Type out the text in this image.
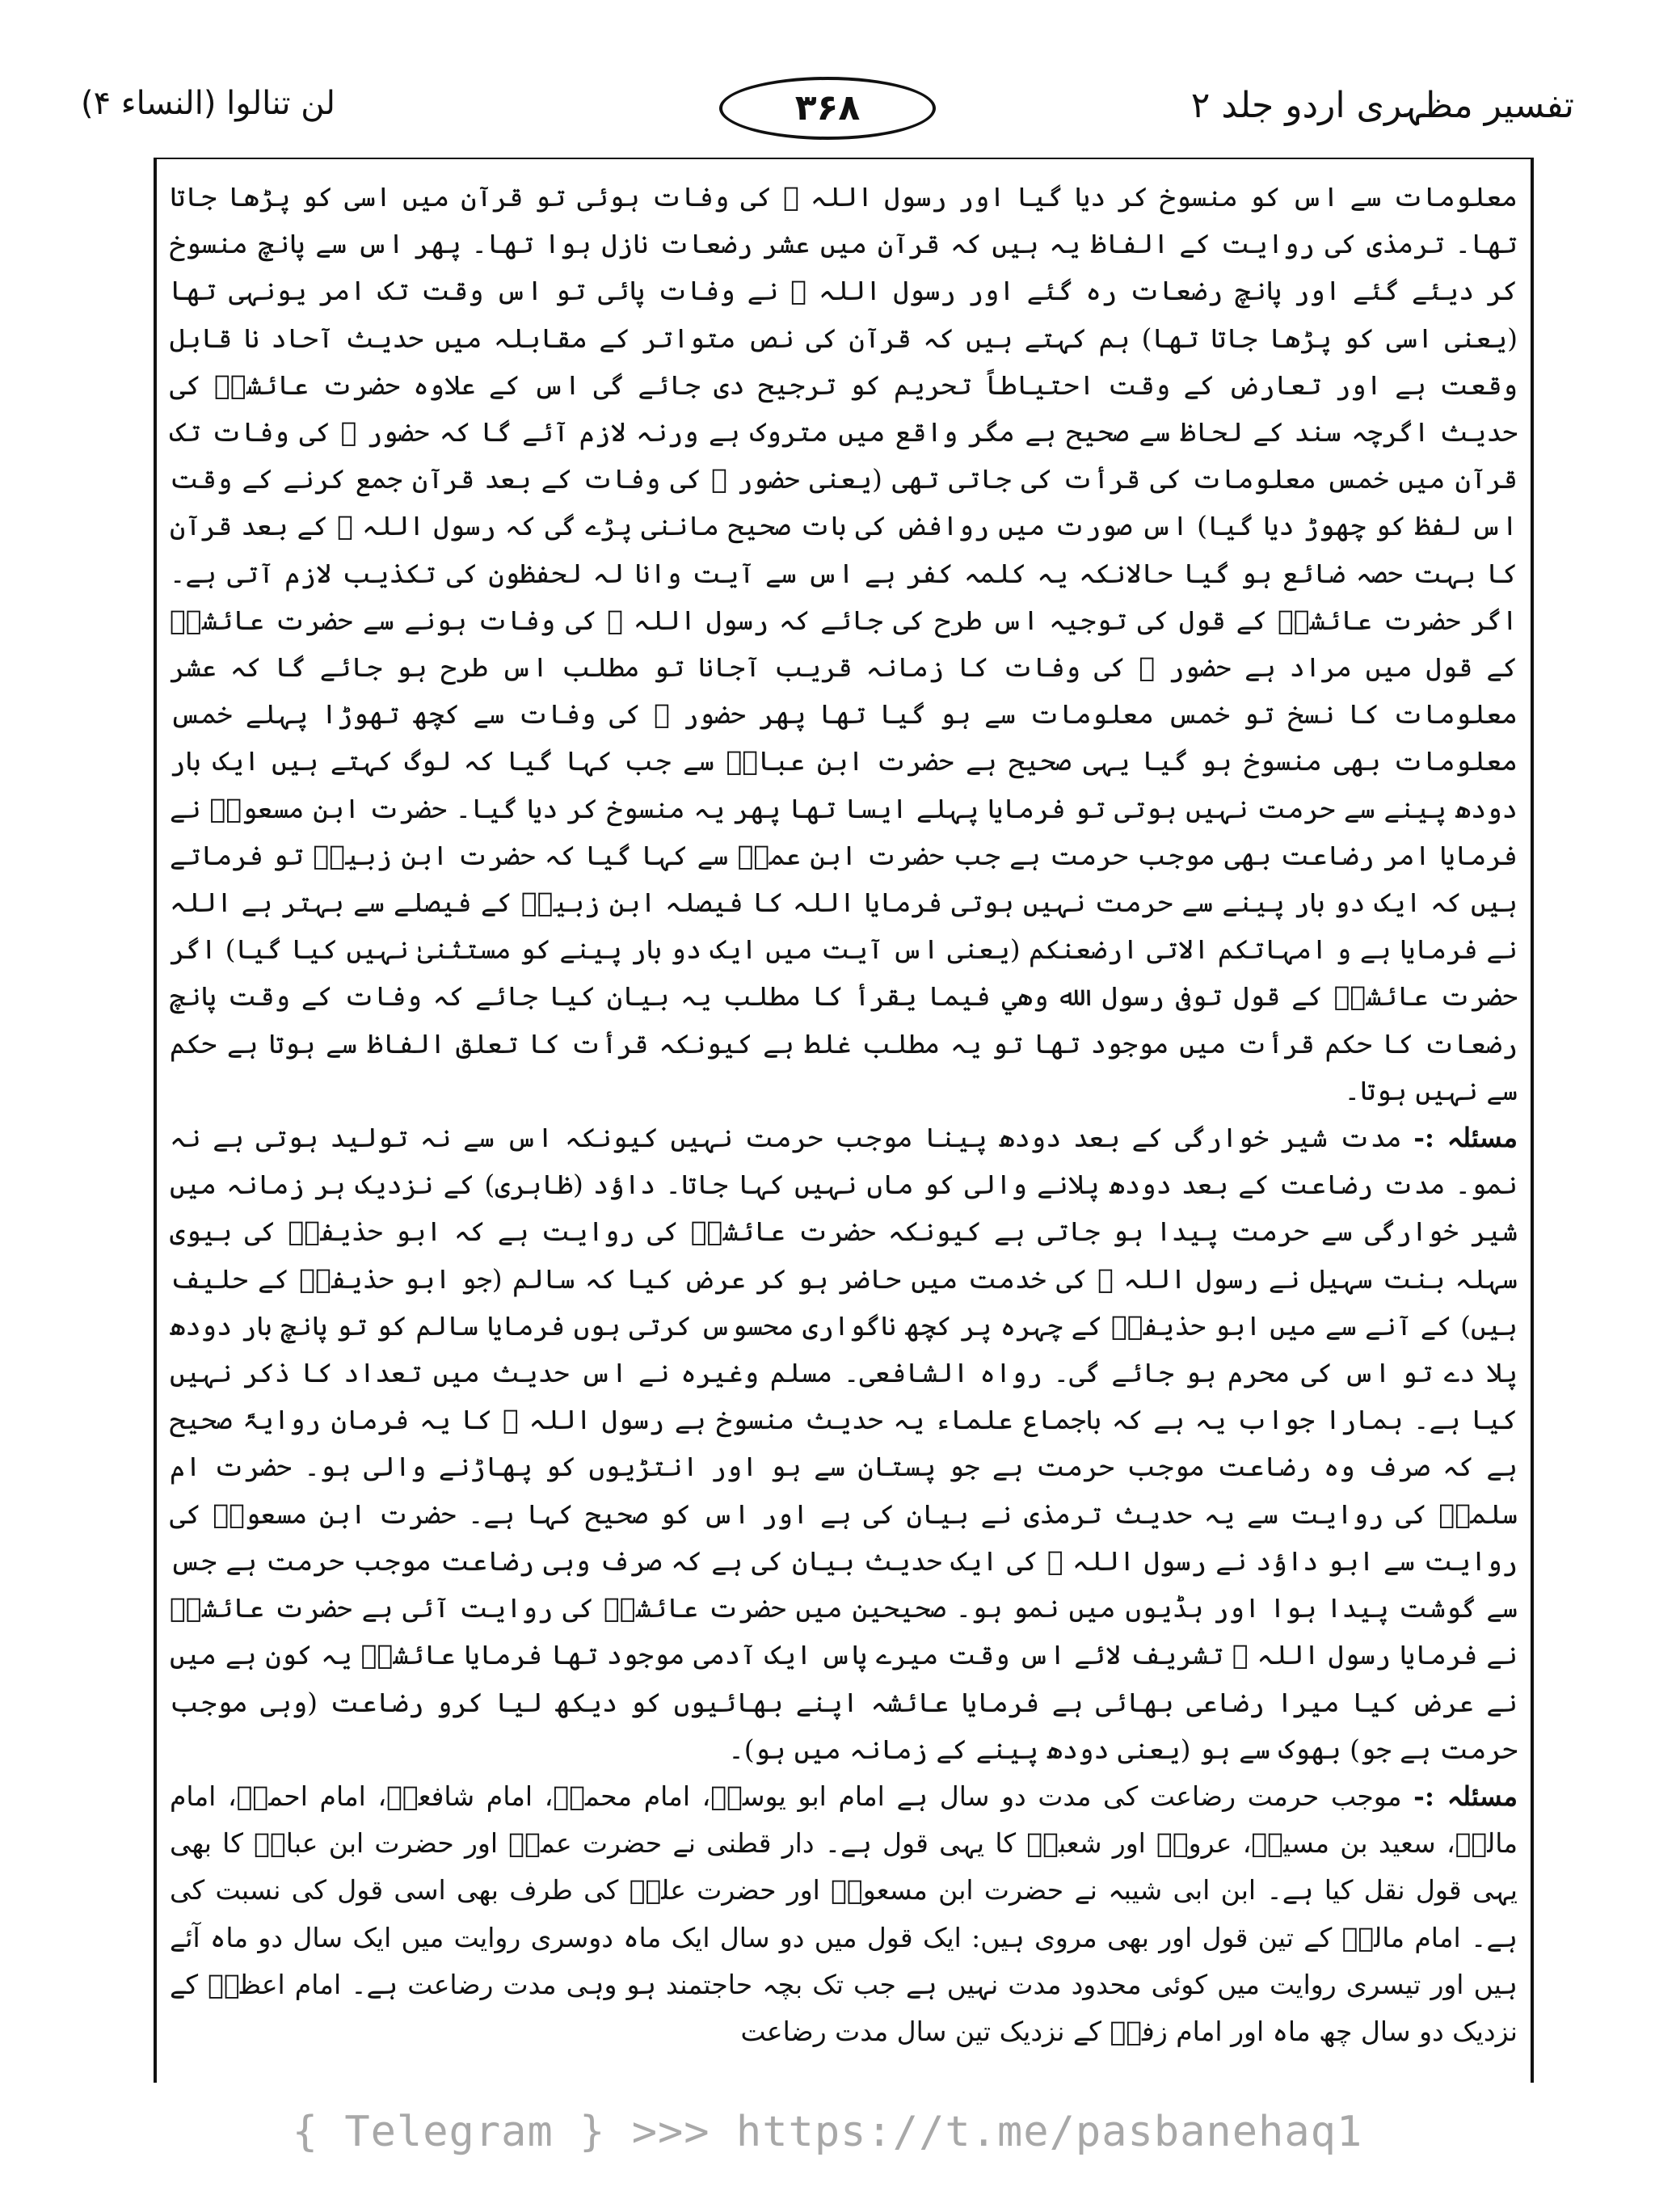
تفسیر مظہری اردو جلد ۲
۳۶۸
لن تنالوا (النساء ۴)

معلومات سے اس کو منسوخ کر دیا گیا اور رسول اللہ ﷺ کی وفات ہوئی تو قرآن میں اسی کو پڑھا جاتا تھا۔ ترمذی کی روایت کے الفاظ یہ ہیں کہ قرآن میں عشر رضعات نازل ہوا تھا۔ پھر اس سے پانچ منسوخ کر دیئے گئے اور پانچ رضعات رہ گئے اور رسول اللہ ﷺ نے وفات پائی تو اس وقت تک امر یونہی تھا (یعنی اسی کو پڑھا جاتا تھا) ہم کہتے ہیں کہ قرآن کی نص متواتر کے مقابلہ میں حدیث آحاد نا قابل وقعت ہے اور تعارض کے وقت احتیاطاً تحریم کو ترجیح دی جائے گی اس کے علاوہ حضرت عائشہؓ کی حدیث اگرچہ سند کے لحاظ سے صحیح ہے مگر واقع میں متروک ہے ورنہ لازم آئے گا کہ حضور ﷺ کی وفات تک قرآن میں خمس معلومات کی قرأت کی جاتی تھی (یعنی حضور ﷺ کی وفات کے بعد قرآن جمع کرنے کے وقت اس لفظ کو چھوڑ دیا گیا) اس صورت میں روافض کی بات صحیح ماننی پڑے گی کہ رسول اللہ ﷺ کے بعد قرآن کا بہت حصہ ضائع ہو گیا حالانکہ یہ کلمہ کفر ہے اس سے آیت وانا لہ لحفظون کی تکذیب لازم آتی ہے۔ اگر حضرت عائشہؓ کے قول کی توجیہ اس طرح کی جائے کہ رسول اللہ ﷺ کی وفات ہونے سے حضرت عائشہؓ کے قول میں مراد ہے حضور ﷺ کی وفات کا زمانہ قریب آجانا تو مطلب اس طرح ہو جائے گا کہ عشر معلومات کا نسخ تو خمس معلومات سے ہو گیا تھا پھر حضور ﷺ کی وفات سے کچھ تھوڑا پہلے خمس معلومات بھی منسوخ ہو گیا یہی صحیح ہے حضرت ابن عباسؓ سے جب کہا گیا کہ لوگ کہتے ہیں ایک بار دودھ پینے سے حرمت نہیں ہوتی تو فرمایا پہلے ایسا تھا پھر یہ منسوخ کر دیا گیا۔ حضرت ابن مسعودؓ نے فرمایا امر رضاعت بھی موجب حرمت ہے جب حضرت ابن عمرؓ سے کہا گیا کہ حضرت ابن زبیرؓ تو فرماتے ہیں کہ ایک دو بار پینے سے حرمت نہیں ہوتی فرمایا اللہ کا فیصلہ ابن زبیرؓ کے فیصلے سے بہتر ہے اللہ نے فرمایا ہے و امہاتکم الاتی ارضعنکم (یعنی اس آیت میں ایک دو بار پینے کو مستثنیٰ نہیں کیا گیا) اگر حضرت عائشہؓ کے قول توفی رسول الله وهي فيما يقرأ کا مطلب یہ بیان کیا جائے کہ وفات کے وقت پانچ رضعات کا حکم قرأت میں موجود تھا تو یہ مطلب غلط ہے کیونکہ قرأت کا تعلق الفاظ سے ہوتا ہے حکم سے نہیں ہوتا۔

مسئلہ :- مدت شیر خوارگی کے بعد دودھ پینا موجب حرمت نہیں کیونکہ اس سے نہ تولید ہوتی ہے نہ نمو۔ مدت رضاعت کے بعد دودھ پلانے والی کو ماں نہیں کہا جاتا۔ داؤد (ظاہری) کے نزدیک ہر زمانہ میں شیر خوارگی سے حرمت پیدا ہو جاتی ہے کیونکہ حضرت عائشہؓ کی روایت ہے کہ ابو حذیفہؓ کی بیوی سہلہ بنت سہیل نے رسول اللہ ﷺ کی خدمت میں حاضر ہو کر عرض کیا کہ سالم (جو ابو حذیفہؓ کے حلیف ہیں) کے آنے سے میں ابو حذیفہؓ کے چہرہ پر کچھ ناگواری محسوس کرتی ہوں فرمایا سالم کو تو پانچ بار دودھ پلا دے تو اس کی محرم ہو جائے گی۔ رواہ الشافعی۔ مسلم وغیرہ نے اس حدیث میں تعداد کا ذکر نہیں کیا ہے۔ ہمارا جواب یہ ہے کہ باجماع علماء یہ حدیث منسوخ ہے رسول اللہ ﷺ کا یہ فرمان روایۃً صحیح ہے کہ صرف وہ رضاعت موجب حرمت ہے جو پستان سے ہو اور انتڑیوں کو پھاڑنے والی ہو۔ حضرت ام سلمہؓ کی روایت سے یہ حدیث ترمذی نے بیان کی ہے اور اس کو صحیح کہا ہے۔ حضرت ابن مسعودؓ کی روایت سے ابو داؤد نے رسول اللہ ﷺ کی ایک حدیث بیان کی ہے کہ صرف وہی رضاعت موجب حرمت ہے جس سے گوشت پیدا ہوا اور ہڈیوں میں نمو ہو۔ صحیحین میں حضرت عائشہؓ کی روایت آئی ہے حضرت عائشہؓ نے فرمایا رسول اللہ ﷺ تشریف لائے اس وقت میرے پاس ایک آدمی موجود تھا فرمایا عائشہؓ یہ کون ہے میں نے عرض کیا میرا رضاعی بھائی ہے فرمایا عائشہ اپنے بھائیوں کو دیکھ لیا کرو رضاعت (وہی موجب حرمت ہے جو) بھوک سے ہو (یعنی دودھ پینے کے زمانہ میں ہو)۔

مسئلہ :- موجب حرمت رضاعت کی مدت دو سال ہے امام ابو یوسفؒ، امام محمدؒ، امام شافعیؒ، امام احمدؒ، امام مالکؒ، سعید بن مسیبؒ، عروہؒ اور شعبیؒ کا یہی قول ہے۔ دار قطنی نے حضرت عمرؓ اور حضرت ابن عباسؓ کا بھی یہی قول نقل کیا ہے۔ ابن ابی شیبہ نے حضرت ابن مسعودؓ اور حضرت علیؓ کی طرف بھی اسی قول کی نسبت کی ہے۔ امام مالکؒ کے تین قول اور بھی مروی ہیں: ایک قول میں دو سال ایک ماہ دوسری روایت میں ایک سال دو ماہ آئے ہیں اور تیسری روایت میں کوئی محدود مدت نہیں ہے جب تک بچہ حاجتمند ہو وہی مدت رضاعت ہے۔ امام اعظمؒ کے نزدیک دو سال چھ ماہ اور امام زفرؒ کے نزدیک تین سال مدت رضاعت

{ Telegram } >>> https://t.me/pasbanehaq1
